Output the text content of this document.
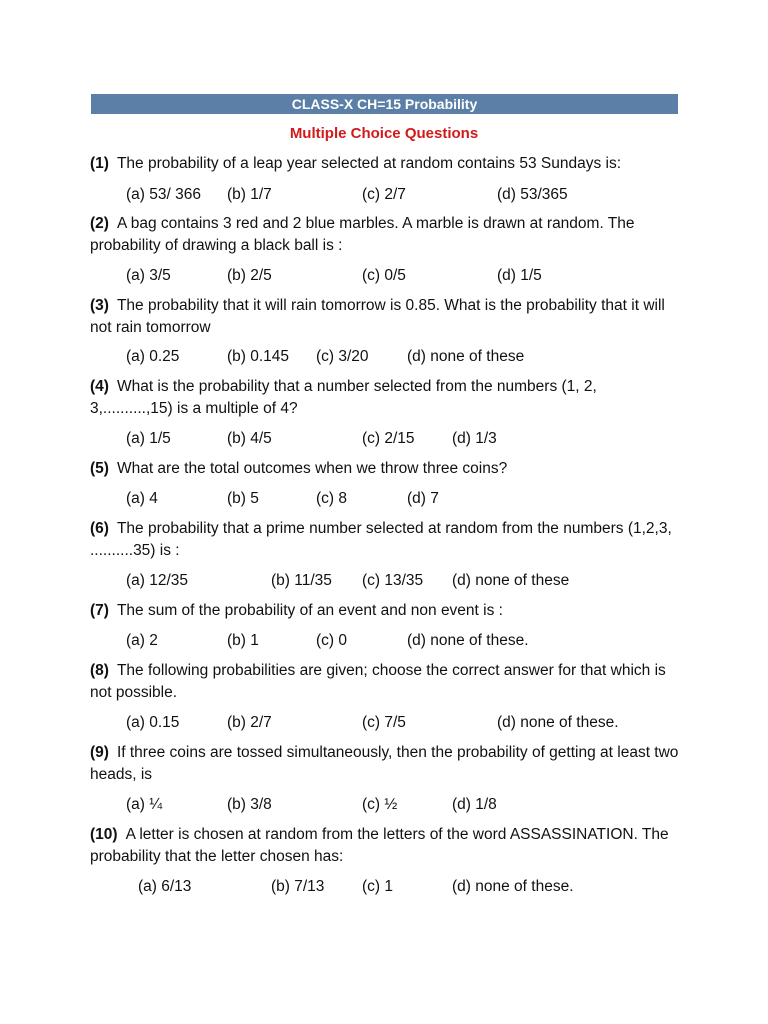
CLASS-X CH=15 Probability
Multiple Choice Questions
(1) The probability of a leap year selected at random contains 53 Sundays is:
(a) 53/ 366 (b) 1/7	(c) 2/7	(d) 53/365
(2) A bag contains 3 red and 2 blue marbles. A marble is drawn at random. The probability of drawing a black ball is :
(a) 3/5	(b) 2/5	(c) 0/5	(d) 1/5
(3) The probability that it will rain tomorrow is 0.85. What is the probability that it will not rain tomorrow
(a) 0.25	(b) 0.145 (c) 3/20 (d) none of these
(4) What is the probability that a number selected from the numbers (1, 2, 3,..........,15) is a multiple of 4?
(a) 1/5	(b) 4/5	(c) 2/15 (d) 1/3
(5) What are the total outcomes when we throw three coins?
(a) 4	(b) 5	(c) 8	(d) 7
(6) The probability that a prime number selected at random from the numbers (1,2,3, ..........35) is :
(a) 12/35	(b) 11/35 (c) 13/35 (d) none of these
(7) The sum of the probability of an event and non event is :
(a) 2	(b) 1	(c) 0	(d) none of these.
(8) The following probabilities are given; choose the correct answer for that which is not possible.
(a) 0.15	(b) 2/7	(c) 7/5	(d) none of these.
(9) If three coins are tossed simultaneously, then the probability of getting at least two heads, is
(a) ¼	(b) 3/8	(c) ½	(d) 1/8
(10) A letter is chosen at random from the letters of the word ASSASSINATION. The probability that the letter chosen has:
(a) 6/13	(b) 7/13 (c) 1	(d) none of these.
